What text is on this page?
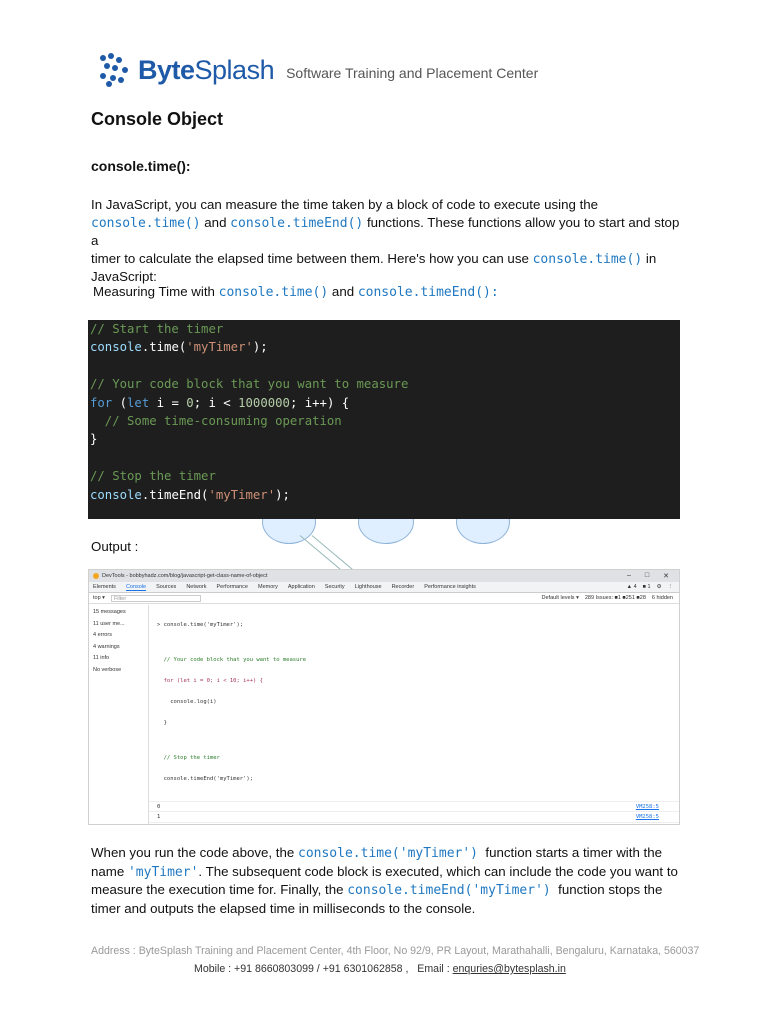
ByteSplash Software Training and Placement Center
Console Object
console.time():
In JavaScript, you can measure the time taken by a block of code to execute using the
console.time() and console.timeEnd() functions. These functions allow you to start and stop a
timer to calculate the elapsed time between them. Here's how you can use console.time() in
JavaScript:
Measuring Time with console.time() and console.timeEnd():
// Start the timer
console.time('myTimer');

// Your code block that you want to measure
for (let i = 0; i < 1000000; i++) {
// Some time-consuming operation
}

// Stop the timer
console.timeEnd('myTimer');
Output :
DevTools - bobbyhadz.com/blog/javascript-get-class-name-of-object	– □ ✕
Elements Console Sources Network Performance Memory Application Security Lighthouse Recorder Performance insights	▲ 4 ■ 1 ⚙ ⋮
top ▾	Filter	Default levels ▾ 289 Issues: ■1 ■251 ■28 6 hidden
15 messages
11 user me...
4 errors
4 warnings
11 info
No verbose

> console.time('myTimer');

// Your code block that you want to measure

for (let i = 0; i < 10; i++) {

console.log(i)

}

// Stop the timer

console.timeEnd('myTimer');

0	VM258:5
1	VM258:5
When you run the code above, the console.time('myTimer') function starts a timer with the
name 'myTimer'. The subsequent code block is executed, which can include the code you want to
measure the execution time for. Finally, the console.timeEnd('myTimer') function stops the
timer and outputs the elapsed time in milliseconds to the console.
Address : ByteSplash Training and Placement Center, 4th Floor, No 92/9, PR Layout, Marathahalli, Bengaluru, Karnataka, 560037
Mobile : +91 8660803099 / +91 6301062858 , Email : enquries@bytesplash.in
